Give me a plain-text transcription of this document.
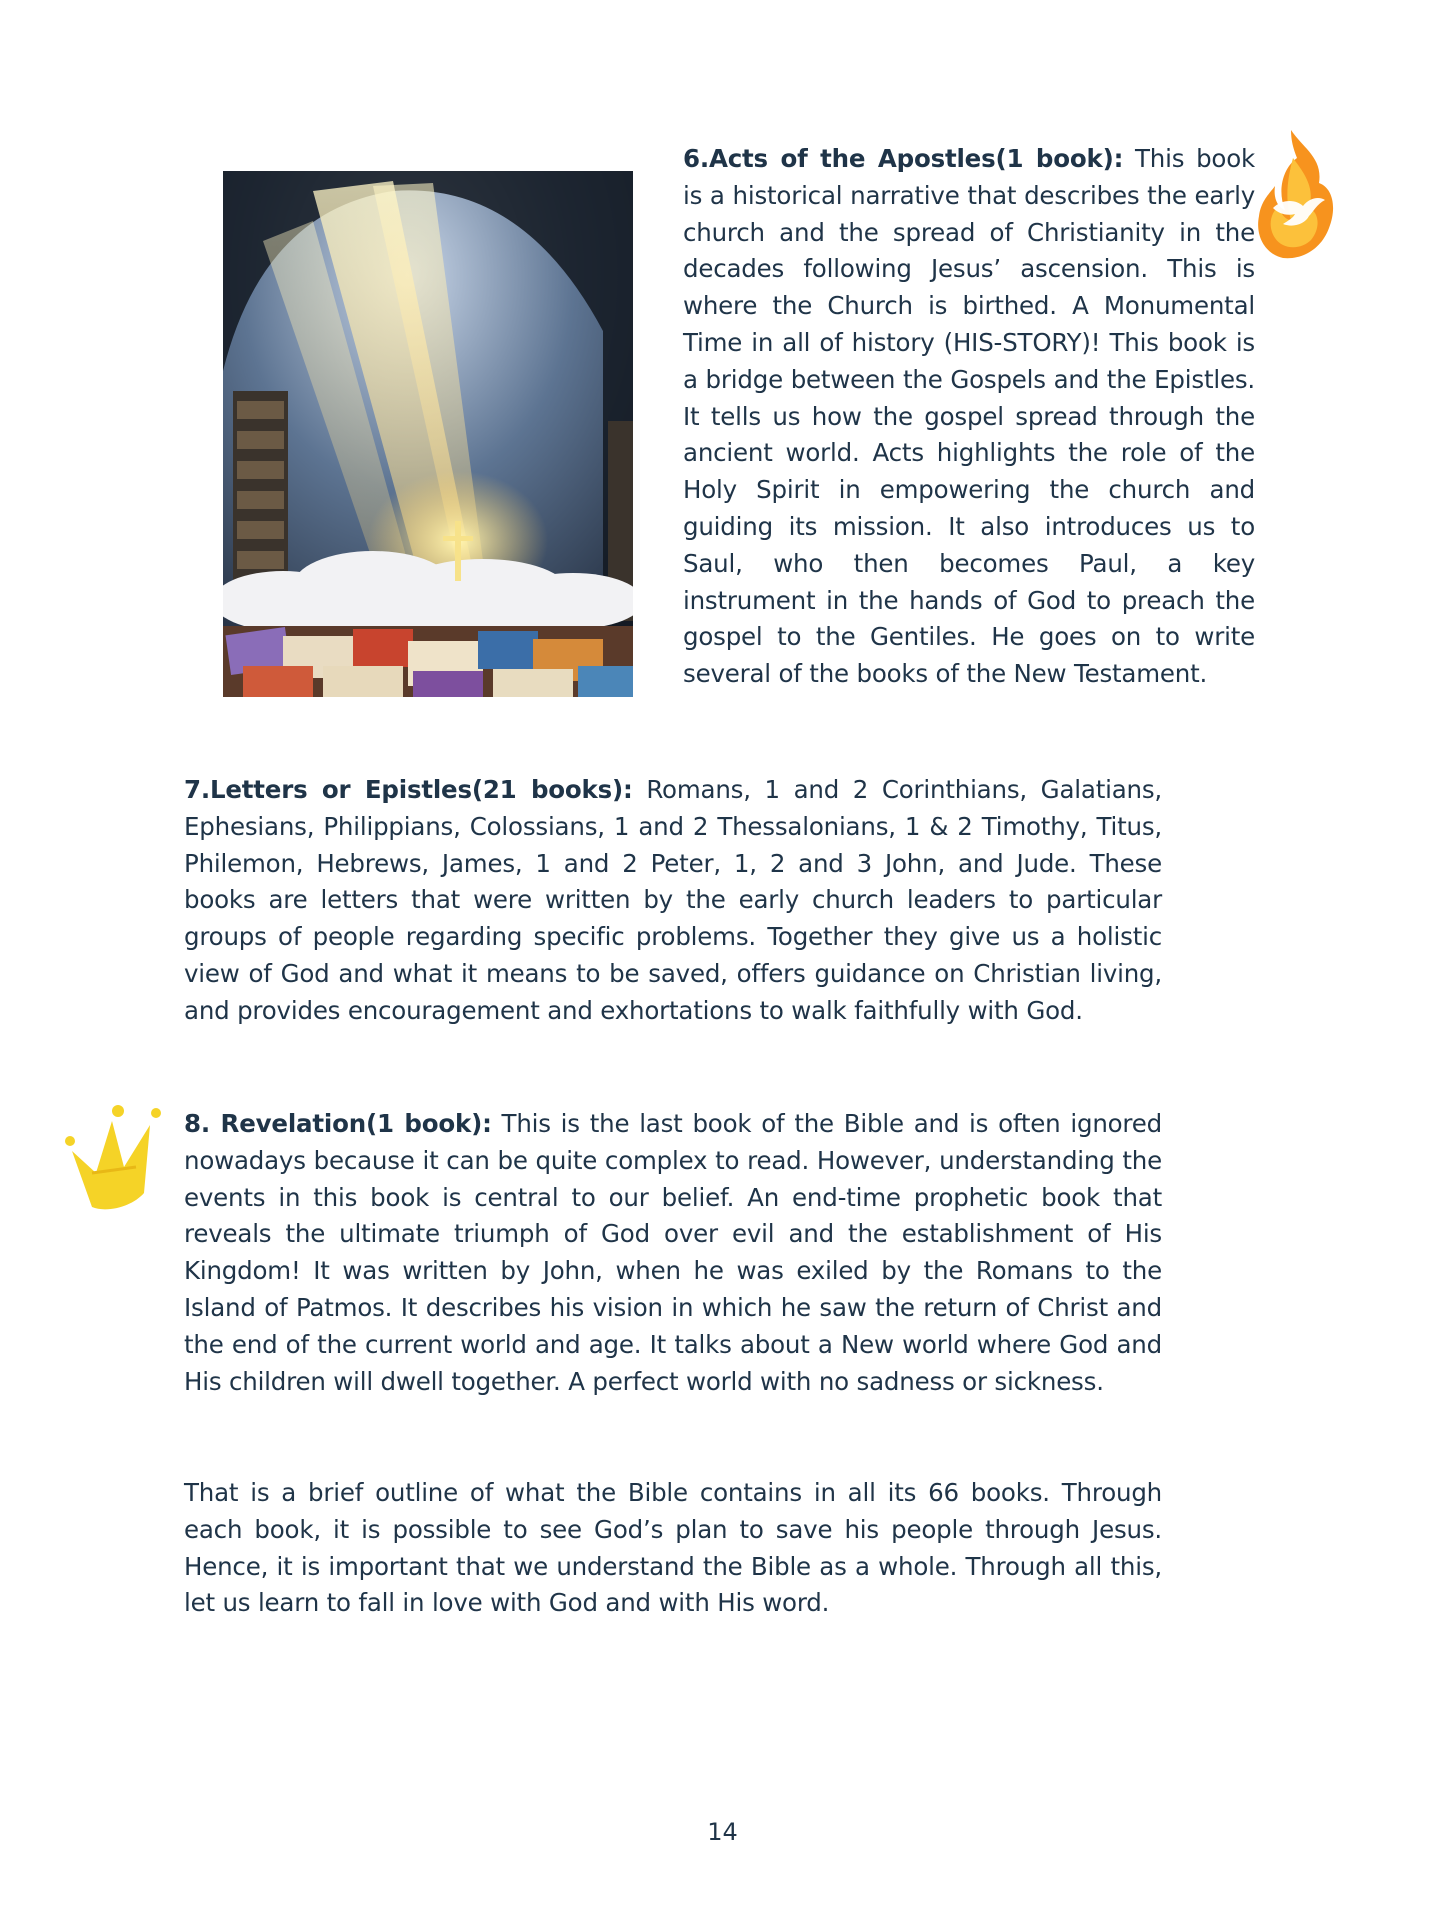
6.Acts of the Apostles(1 book): This book is a historical narrative that describes the early church and the spread of Christianity in the decades following Jesus’ ascension. This is where the Church is birthed. A Monumental Time in all of history (HIS-STORY)! This book is a bridge between the Gospels and the Epistles. It tells us how the gospel spread through the ancient world. Acts highlights the role of the Holy Spirit in empowering the church and guiding its mission. It also introduces us to Saul, who then becomes Paul, a key instrument in the hands of God to preach the gospel to the Gentiles. He goes on to write several of the books of the New Testament.

7.Letters or Epistles(21 books): Romans, 1 and 2 Corinthians, Galatians, Ephesians, Philippians, Colossians, 1 and 2 Thessalonians, 1 & 2 Timothy, Titus, Philemon, Hebrews, James, 1 and 2 Peter, 1, 2 and 3 John, and Jude. These books are letters that were written by the early church leaders to particular groups of people regarding specific problems. Together they give us a holistic view of God and what it means to be saved, offers guidance on Christian living, and provides encouragement and exhortations to walk faithfully with God.

8. Revelation(1 book): This is the last book of the Bible and is often ignored nowadays because it can be quite complex to read. However, understanding the events in this book is central to our belief. An end-time prophetic book that reveals the ultimate triumph of God over evil and the establishment of His Kingdom! It was written by John, when he was exiled by the Romans to the Island of Patmos. It describes his vision in which he saw the return of Christ and the end of the current world and age. It talks about a New world where God and His children will dwell together. A perfect world with no sadness or sickness.

That is a brief outline of what the Bible contains in all its 66 books. Through each book, it is possible to see God’s plan to save his people through Jesus. Hence, it is important that we understand the Bible as a whole. Through all this, let us learn to fall in love with God and with His word.

14
